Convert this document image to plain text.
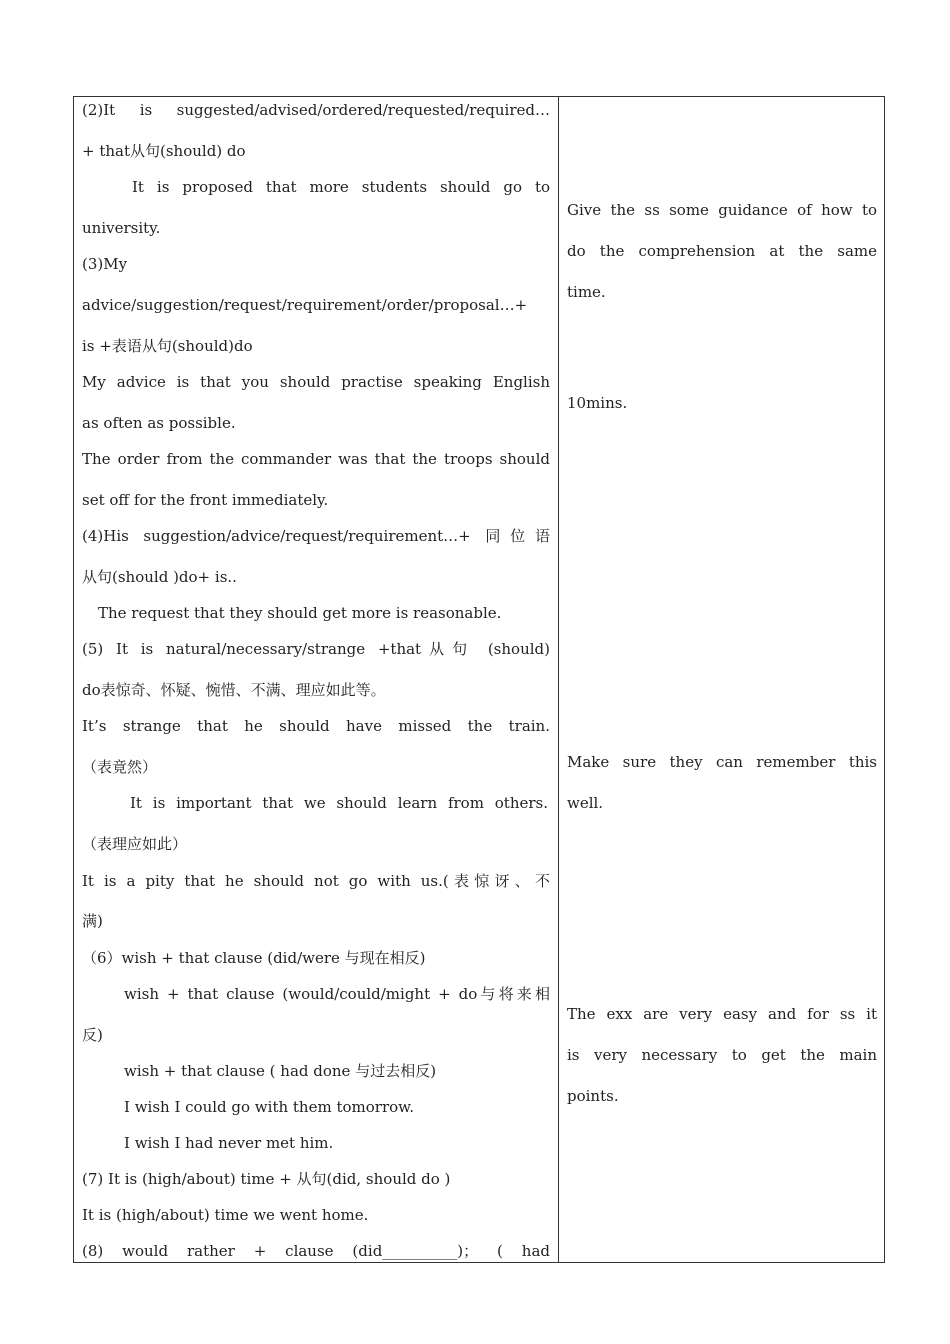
(2)It is suggested/advised/ordered/requested/required…

+ that从句(should) do

It is proposed that more students should go to

university.

(3)My

advice/suggestion/request/requirement/order/proposal…+

is +表语从句(should)do

My advice is that you should practise speaking English

as often as possible.

The order from the commander was that the troops should

set off for the front immediately.

(4)His suggestion/advice/request/requirement…+ 同位语

从句(should )do+ is..

The request that they should get more is reasonable.

(5) It is natural/necessary/strange +that从句 (should)

do表惊奇、怀疑、惋惜、不满、理应如此等。

It’s strange that he should have missed the train.

（表竟然）

It is important that we should learn from others.

（表理应如此）

It is a pity that he should not go with us.(表惊讶、不

满)

（6）wish + that clause (did/were 与现在相反)

wish + that clause (would/could/might + do与将来相

反)

wish + that clause ( had done 与过去相反)

I wish I could go with them tomorrow.

I wish I had never met him.

(7) It is (high/about) time + 从句(did, should do )

It is (high/about) time we went home.

(8) would rather + clause (did__________)； ( had

Give the ss some guidance of how to

do the comprehension at the same

time.

10mins.

Make sure they can remember this

well.

The exx are very easy and for ss it

is very necessary to get the main

points.
